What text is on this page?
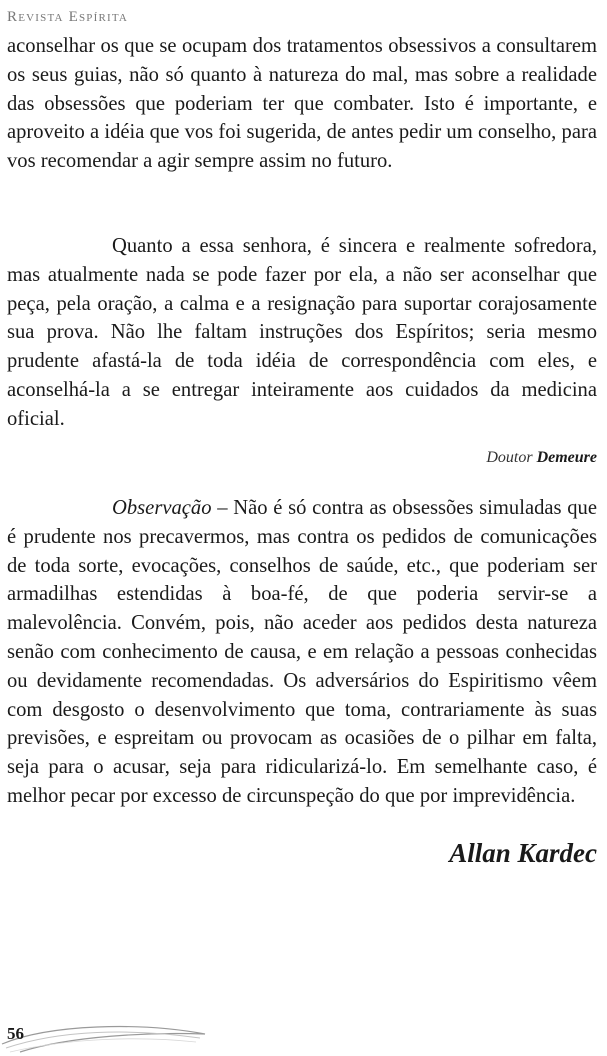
Revista Espírita

aconselhar os que se ocupam dos tratamentos obsessivos a consultarem os seus guias, não só quanto à natureza do mal, mas sobre a realidade das obsessões que poderiam ter que combater. Isto é importante, e aproveito a idéia que vos foi sugerida, de antes pedir um conselho, para vos recomendar a agir sempre assim no futuro.

Quanto a essa senhora, é sincera e realmente sofredora, mas atualmente nada se pode fazer por ela, a não ser aconselhar que peça, pela oração, a calma e a resignação para suportar corajosamente sua prova. Não lhe faltam instruções dos Espíritos; seria mesmo prudente afastá-la de toda idéia de correspondência com eles, e aconselhá-la a se entregar inteiramente aos cuidados da medicina oficial.

Doutor Demeure

Observação – Não é só contra as obsessões simuladas que é prudente nos precavermos, mas contra os pedidos de comunicações de toda sorte, evocações, conselhos de saúde, etc., que poderiam ser armadilhas estendidas à boa-fé, de que poderia servir-se a malevolência. Convém, pois, não aceder aos pedidos desta natureza senão com conhecimento de causa, e em relação a pessoas conhecidas ou devidamente recomendadas. Os adversários do Espiritismo vêem com desgosto o desenvolvimento que toma, contrariamente às suas previsões, e espreitam ou provocam as ocasiões de o pilhar em falta, seja para o acusar, seja para ridicularizá-lo. Em semelhante caso, é melhor pecar por excesso de circunspeção do que por imprevidência.

Allan Kardec
56
